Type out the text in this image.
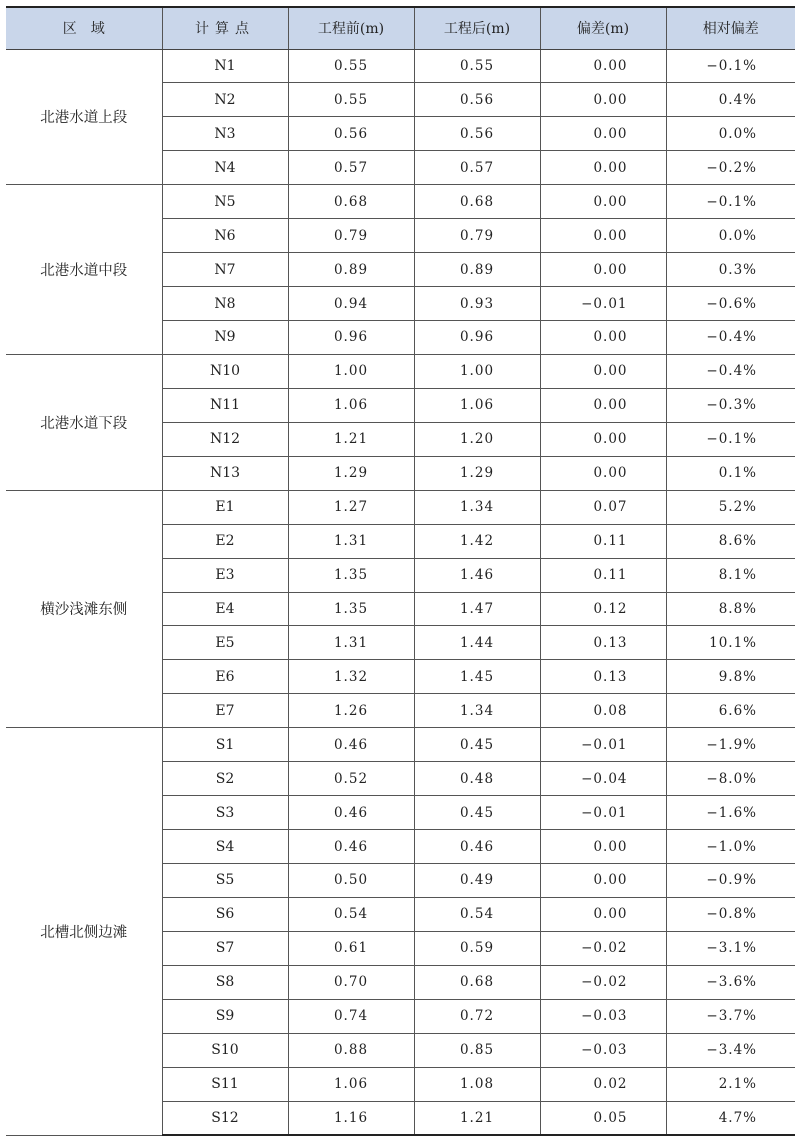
区　域	计算点	工程前(m)	工程后(m)	偏差(m)	相对偏差
北港水道上段	N1	0.55	0.55	0.00	−0.1%
	N2	0.55	0.56	0.00	0.4%
	N3	0.56	0.56	0.00	0.0%
	N4	0.57	0.57	0.00	−0.2%
北港水道中段	N5	0.68	0.68	0.00	−0.1%
	N6	0.79	0.79	0.00	0.0%
	N7	0.89	0.89	0.00	0.3%
	N8	0.94	0.93	−0.01	−0.6%
	N9	0.96	0.96	0.00	−0.4%
北港水道下段	N10	1.00	1.00	0.00	−0.4%
	N11	1.06	1.06	0.00	−0.3%
	N12	1.21	1.20	0.00	−0.1%
	N13	1.29	1.29	0.00	0.1%
横沙浅滩东侧	E1	1.27	1.34	0.07	5.2%
	E2	1.31	1.42	0.11	8.6%
	E3	1.35	1.46	0.11	8.1%
	E4	1.35	1.47	0.12	8.8%
	E5	1.31	1.44	0.13	10.1%
	E6	1.32	1.45	0.13	9.8%
	E7	1.26	1.34	0.08	6.6%
北槽北侧边滩	S1	0.46	0.45	−0.01	−1.9%
	S2	0.52	0.48	−0.04	−8.0%
	S3	0.46	0.45	−0.01	−1.6%
	S4	0.46	0.46	0.00	−1.0%
	S5	0.50	0.49	0.00	−0.9%
	S6	0.54	0.54	0.00	−0.8%
	S7	0.61	0.59	−0.02	−3.1%
	S8	0.70	0.68	−0.02	−3.6%
	S9	0.74	0.72	−0.03	−3.7%
	S10	0.88	0.85	−0.03	−3.4%
	S11	1.06	1.08	0.02	2.1%
	S12	1.16	1.21	0.05	4.7%
